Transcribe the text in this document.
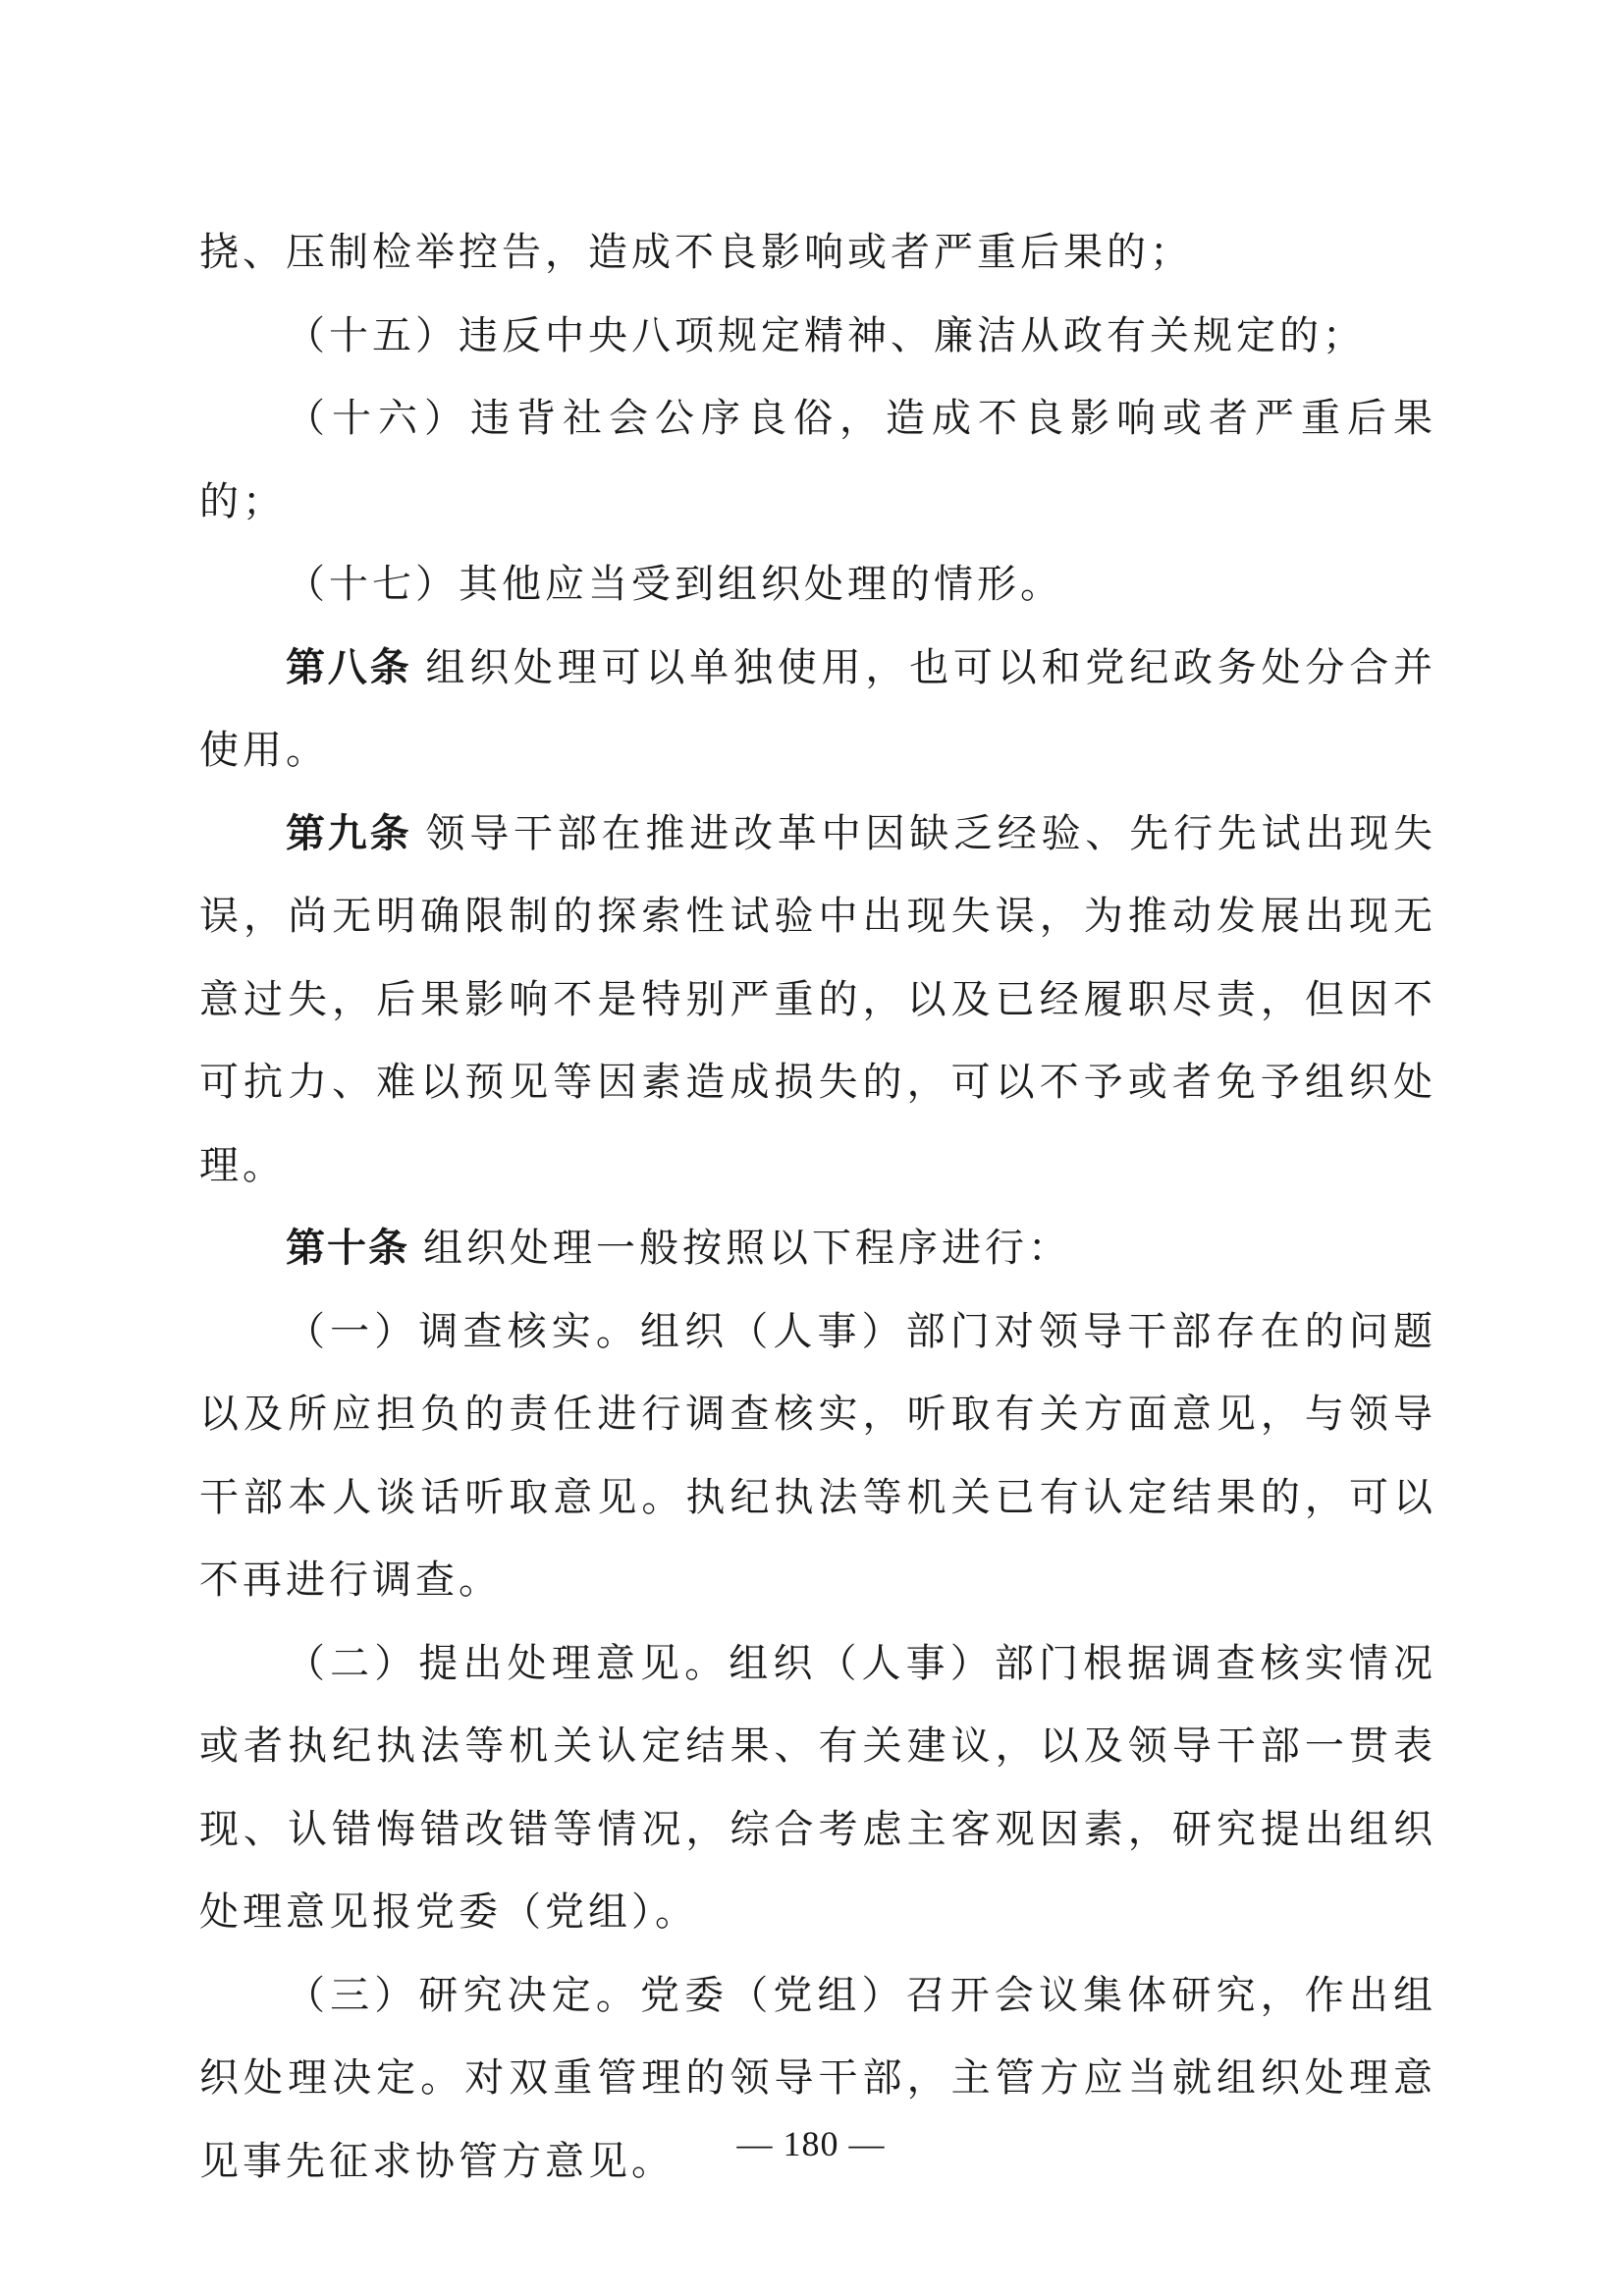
挠、压制检举控告，造成不良影响或者严重后果的；

（十五）违反中央八项规定精神、廉洁从政有关规定的；

（十六）违背社会公序良俗，造成不良影响或者严重后果的；

（十七）其他应当受到组织处理的情形。

第八条 组织处理可以单独使用，也可以和党纪政务处分合并使用。

第九条 领导干部在推进改革中因缺乏经验、先行先试出现失误，尚无明确限制的探索性试验中出现失误，为推动发展出现无意过失，后果影响不是特别严重的，以及已经履职尽责，但因不可抗力、难以预见等因素造成损失的，可以不予或者免予组织处理。

第十条 组织处理一般按照以下程序进行：

（一）调查核实。组织（人事）部门对领导干部存在的问题以及所应担负的责任进行调查核实，听取有关方面意见，与领导干部本人谈话听取意见。执纪执法等机关已有认定结果的，可以不再进行调查。

（二）提出处理意见。组织（人事）部门根据调查核实情况或者执纪执法等机关认定结果、有关建议，以及领导干部一贯表现、认错悔错改错等情况，综合考虑主客观因素，研究提出组织处理意见报党委（党组）。

（三）研究决定。党委（党组）召开会议集体研究，作出组织处理决定。对双重管理的领导干部，主管方应当就组织处理意见事先征求协管方意见。	— 180 —
